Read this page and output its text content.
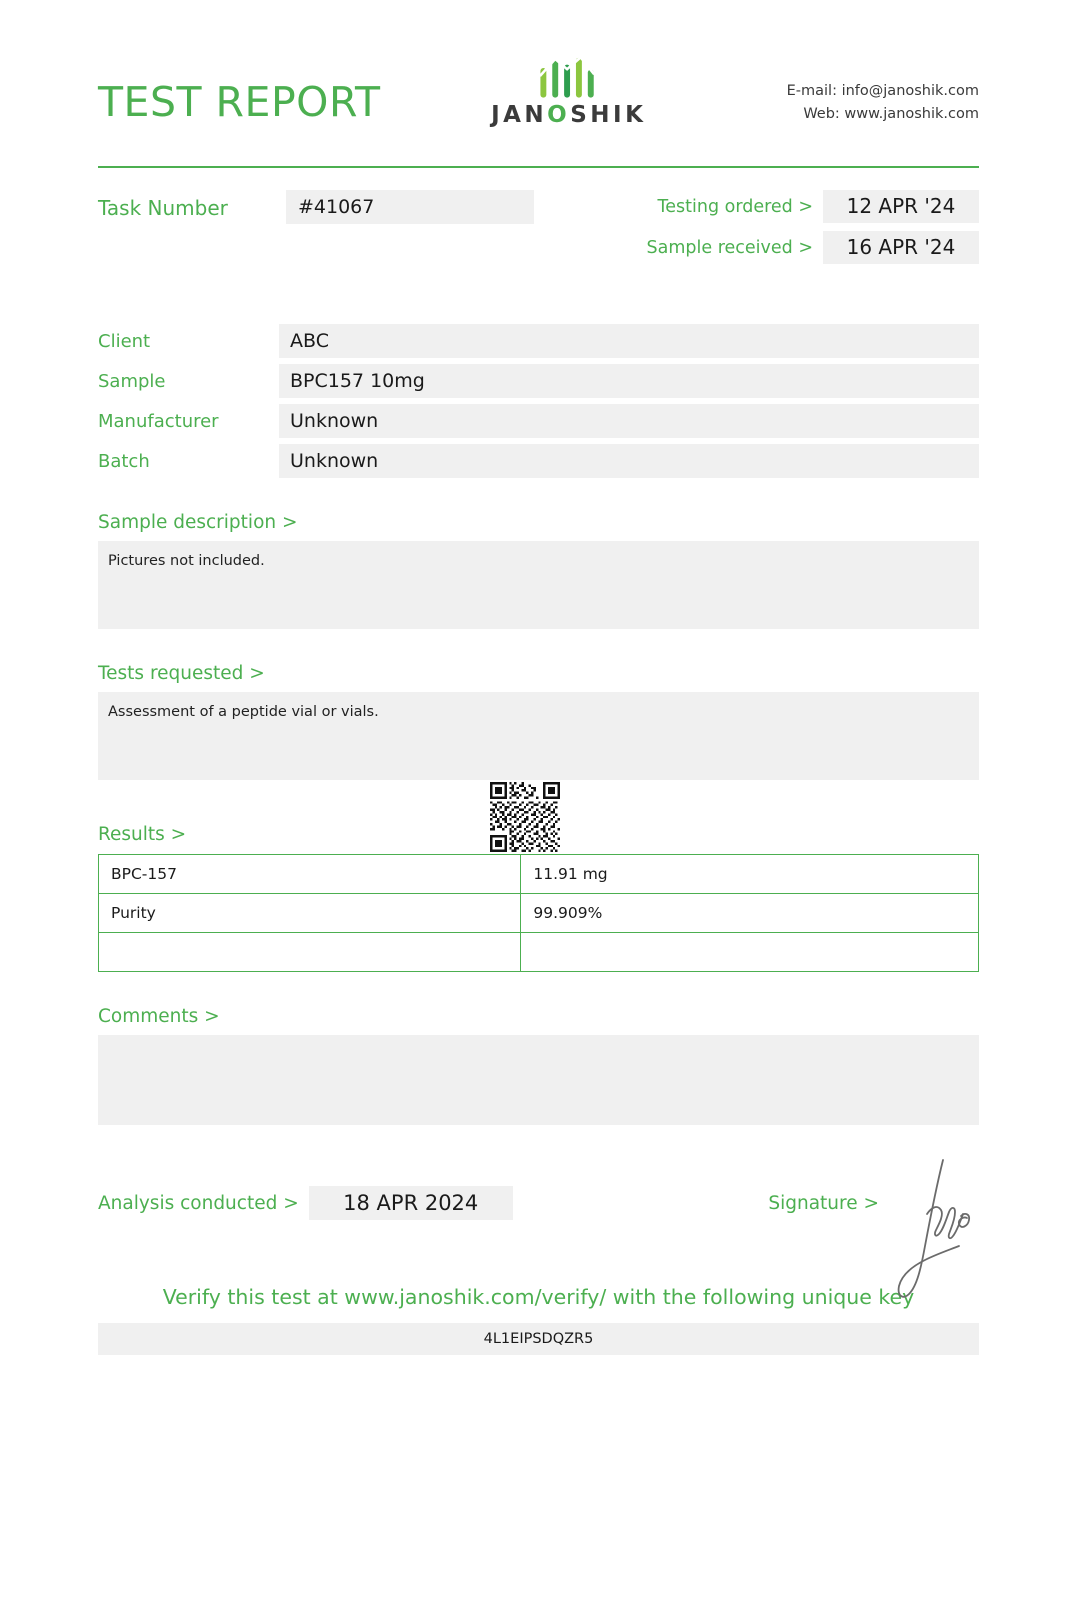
TEST REPORT	JANOSHIK
E-mail: info@janoshik.com
Web: www.janoshik.com
Task Number	#41067	Testing ordered >	12 APR '24
Sample received >	16 APR '24
Client	ABC
Sample	BPC157 10mg
Manufacturer	Unknown
Batch	Unknown
Sample description >
Pictures not included.
Tests requested >
Assessment of a peptide vial or vials.
Results >
BPC-157	11.91 mg
Purity	99.909%

Comments >
Analysis conducted >	18 APR 2024	Signature >
Verify this test at www.janoshik.com/verify/ with the following unique key
4L1EIPSDQZR5
